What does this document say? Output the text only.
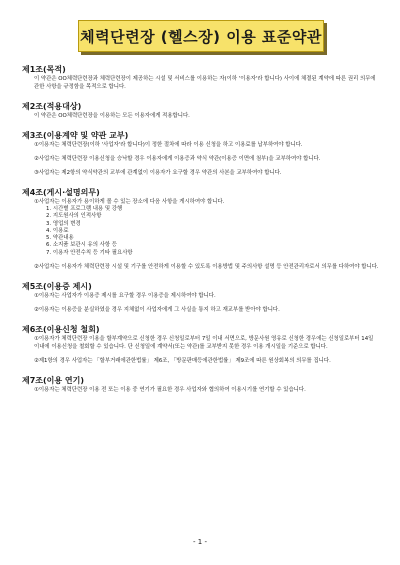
체력단련장 (헬스장) 이용 표준약관

제1조(목적)

이 약관은 OO체력단련장과 체력단련장이 제공하는 시설 및 서비스를 이용하는 자(이하 '이용자'라 합니다) 사이에 체결된 계약에 따른 권리 의무에 관한 사항을 규정함을 목적으로 합니다.

제2조(적용대상)

이 약관은 OO체력단련장을 이용하는 모든 이용자에게 적용합니다.

제3조(이용계약 및 약관 교부)

①이용자는 체력단련장(이하 '사업자'라 합니다)이 정한 절차에 따라 이용 신청을 하고 이용료를 납부하여야 합니다.

②사업자는 체력단련장 이용신청을 승낙할 경우 이용자에게 이용증과 약식 약관(이용증 이면에 첨부)을 교부하여야 합니다.

③사업자는 제2항의 약식약관의 교부에 관계없이 이용자가 요구할 경우 약관의 사본을 교부하여야 합니다.

제4조(게시·설명의무)

①사업자는 이용자가 용이하게 볼 수 있는 장소에 다음 사항을 게시하여야 합니다.

1. 시간별 프로그램 내용 및 강행
2. 지도원사의 인적사항
3. 영업의 변경
4. 이용료
5. 약관내용
6. 소지품 보관시 유의 사항 등
7. 이용자 안전수칙 등 기타 필요사항

②사업자는 이용자가 체력단련장 시설 및 기구를 안전하게 이용할 수 있도록 이용방법 및 주의사항 설명 등 안전관리자로서 의무를 다하여야 합니다.

제5조(이용증 제시)

①이용자는 사업자가 이용증 제시를 요구할 경우 이용증을 제시하여야 합니다.

②이용자는 이용증을 분실하였을 경우 지체없이 사업자에게 그 사실을 통지 하고 재교부를 받아야 합니다.

제6조(이용신청 철회)

①이용자가 체력단련장 이용을 할부계약으로 신청한 경우 신청일로부터 7일 이내 서면으로, 방문사원 영유로 신청한 경우에는 신청일로부터 14일 이내에 이용신청을 철회할 수 있습니다. 단 신청일에 계약서(또는 약관)를 교부받지 못한 경우 이용 개시일을 기준으로 합니다.

②제1항의 경우 사업자는 「할부거래에관한법률」 제6조, 「방문판매등에관한법률」 제9조에 따른 원상회복의 의무를 집니다.

제7조(이용 연기)

①이용자는 체력단련장 이용 전 또는 이용 중 연기가 필요한 경우 사업자와 협의하여 이용시기를 연기할 수 있습니다.

- 1 -
